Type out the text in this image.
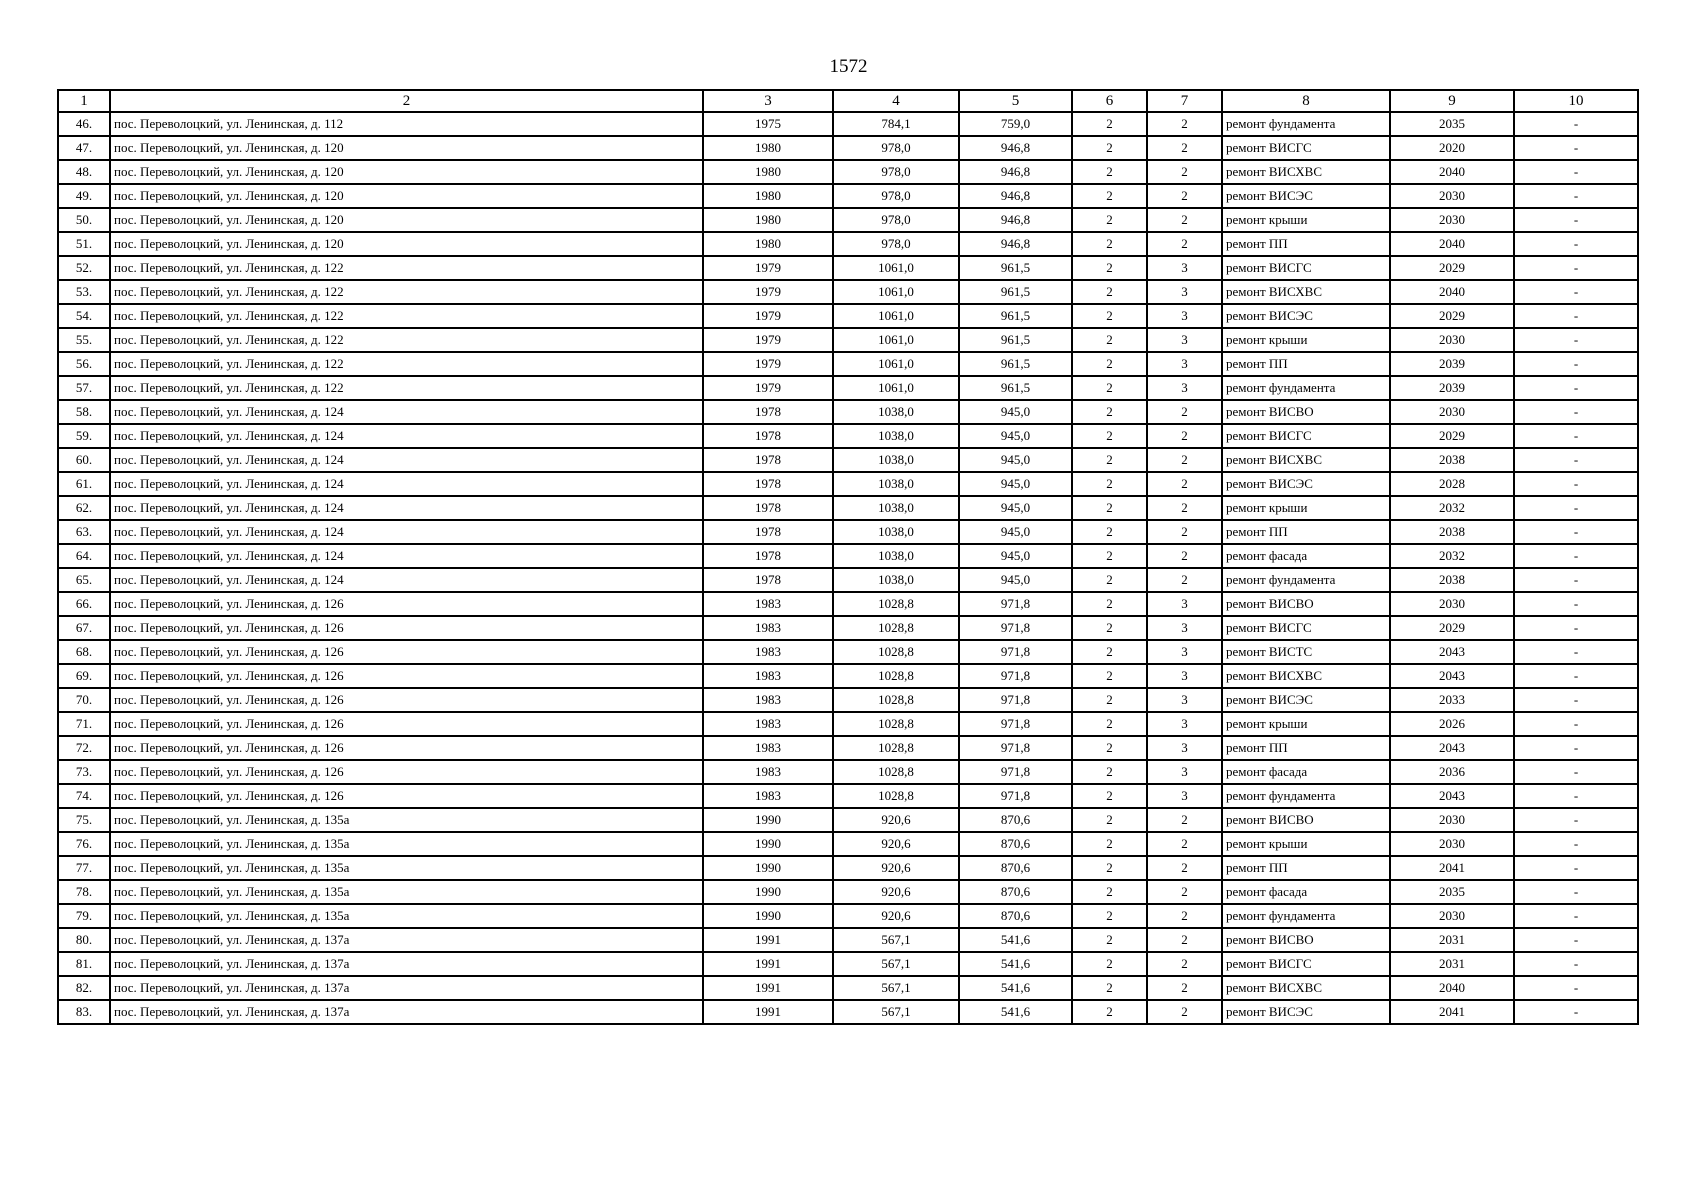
1572
1	2	3	4	5	6	7	8	9	10
46.	пос. Переволоцкий, ул. Ленинская, д. 112	1975	784,1	759,0	2	2	ремонт фундамента	2035	-
47.	пос. Переволоцкий, ул. Ленинская, д. 120	1980	978,0	946,8	2	2	ремонт ВИСГС	2020	-
48.	пос. Переволоцкий, ул. Ленинская, д. 120	1980	978,0	946,8	2	2	ремонт ВИСХВС	2040	-
49.	пос. Переволоцкий, ул. Ленинская, д. 120	1980	978,0	946,8	2	2	ремонт ВИСЭС	2030	-
50.	пос. Переволоцкий, ул. Ленинская, д. 120	1980	978,0	946,8	2	2	ремонт крыши	2030	-
51.	пос. Переволоцкий, ул. Ленинская, д. 120	1980	978,0	946,8	2	2	ремонт ПП	2040	-
52.	пос. Переволоцкий, ул. Ленинская, д. 122	1979	1061,0	961,5	2	3	ремонт ВИСГС	2029	-
53.	пос. Переволоцкий, ул. Ленинская, д. 122	1979	1061,0	961,5	2	3	ремонт ВИСХВС	2040	-
54.	пос. Переволоцкий, ул. Ленинская, д. 122	1979	1061,0	961,5	2	3	ремонт ВИСЭС	2029	-
55.	пос. Переволоцкий, ул. Ленинская, д. 122	1979	1061,0	961,5	2	3	ремонт крыши	2030	-
56.	пос. Переволоцкий, ул. Ленинская, д. 122	1979	1061,0	961,5	2	3	ремонт ПП	2039	-
57.	пос. Переволоцкий, ул. Ленинская, д. 122	1979	1061,0	961,5	2	3	ремонт фундамента	2039	-
58.	пос. Переволоцкий, ул. Ленинская, д. 124	1978	1038,0	945,0	2	2	ремонт ВИСВО	2030	-
59.	пос. Переволоцкий, ул. Ленинская, д. 124	1978	1038,0	945,0	2	2	ремонт ВИСГС	2029	-
60.	пос. Переволоцкий, ул. Ленинская, д. 124	1978	1038,0	945,0	2	2	ремонт ВИСХВС	2038	-
61.	пос. Переволоцкий, ул. Ленинская, д. 124	1978	1038,0	945,0	2	2	ремонт ВИСЭС	2028	-
62.	пос. Переволоцкий, ул. Ленинская, д. 124	1978	1038,0	945,0	2	2	ремонт крыши	2032	-
63.	пос. Переволоцкий, ул. Ленинская, д. 124	1978	1038,0	945,0	2	2	ремонт ПП	2038	-
64.	пос. Переволоцкий, ул. Ленинская, д. 124	1978	1038,0	945,0	2	2	ремонт фасада	2032	-
65.	пос. Переволоцкий, ул. Ленинская, д. 124	1978	1038,0	945,0	2	2	ремонт фундамента	2038	-
66.	пос. Переволоцкий, ул. Ленинская, д. 126	1983	1028,8	971,8	2	3	ремонт ВИСВО	2030	-
67.	пос. Переволоцкий, ул. Ленинская, д. 126	1983	1028,8	971,8	2	3	ремонт ВИСГС	2029	-
68.	пос. Переволоцкий, ул. Ленинская, д. 126	1983	1028,8	971,8	2	3	ремонт ВИСТС	2043	-
69.	пос. Переволоцкий, ул. Ленинская, д. 126	1983	1028,8	971,8	2	3	ремонт ВИСХВС	2043	-
70.	пос. Переволоцкий, ул. Ленинская, д. 126	1983	1028,8	971,8	2	3	ремонт ВИСЭС	2033	-
71.	пос. Переволоцкий, ул. Ленинская, д. 126	1983	1028,8	971,8	2	3	ремонт крыши	2026	-
72.	пос. Переволоцкий, ул. Ленинская, д. 126	1983	1028,8	971,8	2	3	ремонт ПП	2043	-
73.	пос. Переволоцкий, ул. Ленинская, д. 126	1983	1028,8	971,8	2	3	ремонт фасада	2036	-
74.	пос. Переволоцкий, ул. Ленинская, д. 126	1983	1028,8	971,8	2	3	ремонт фундамента	2043	-
75.	пос. Переволоцкий, ул. Ленинская, д. 135а	1990	920,6	870,6	2	2	ремонт ВИСВО	2030	-
76.	пос. Переволоцкий, ул. Ленинская, д. 135а	1990	920,6	870,6	2	2	ремонт крыши	2030	-
77.	пос. Переволоцкий, ул. Ленинская, д. 135а	1990	920,6	870,6	2	2	ремонт ПП	2041	-
78.	пос. Переволоцкий, ул. Ленинская, д. 135а	1990	920,6	870,6	2	2	ремонт фасада	2035	-
79.	пос. Переволоцкий, ул. Ленинская, д. 135а	1990	920,6	870,6	2	2	ремонт фундамента	2030	-
80.	пос. Переволоцкий, ул. Ленинская, д. 137а	1991	567,1	541,6	2	2	ремонт ВИСВО	2031	-
81.	пос. Переволоцкий, ул. Ленинская, д. 137а	1991	567,1	541,6	2	2	ремонт ВИСГС	2031	-
82.	пос. Переволоцкий, ул. Ленинская, д. 137а	1991	567,1	541,6	2	2	ремонт ВИСХВС	2040	-
83.	пос. Переволоцкий, ул. Ленинская, д. 137а	1991	567,1	541,6	2	2	ремонт ВИСЭС	2041	-
